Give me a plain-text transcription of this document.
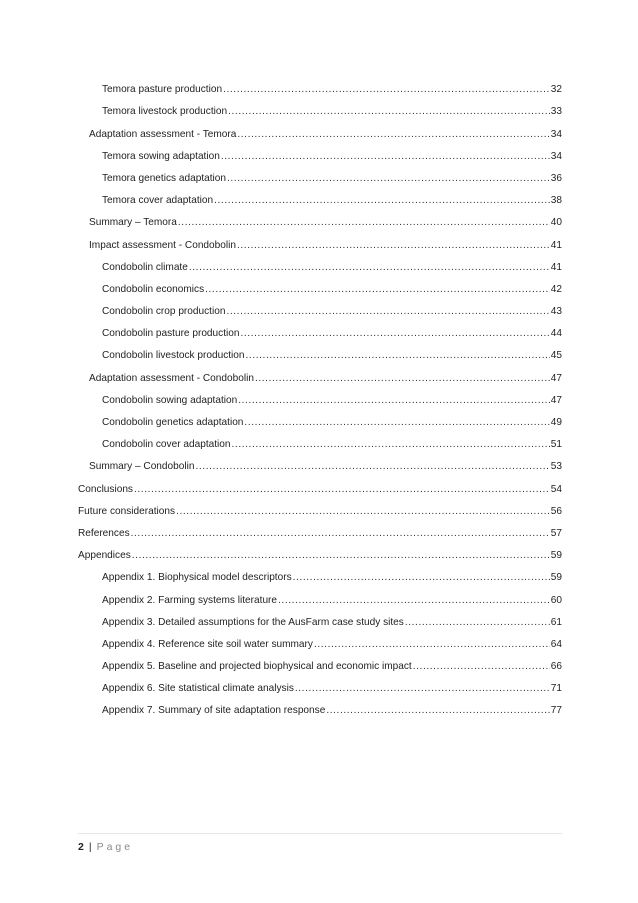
Temora pasture production .....	32
Temora livestock production .....	33
Adaptation assessment - Temora .....	34
Temora sowing adaptation .....	34
Temora genetics adaptation .....	36
Temora cover adaptation .....	38
Summary – Temora .....	40
Impact assessment - Condobolin .....	41
Condobolin climate .....	41
Condobolin economics .....	42
Condobolin crop production .....	43
Condobolin pasture production .....	44
Condobolin livestock production .....	45
Adaptation assessment - Condobolin .....	47
Condobolin sowing adaptation .....	47
Condobolin genetics adaptation .....	49
Condobolin cover adaptation .....	51
Summary – Condobolin .....	53
Conclusions .....	54
Future considerations .....	56
References .....	57
Appendices .....	59
Appendix 1. Biophysical model descriptors .....	59
Appendix 2. Farming systems literature .....	60
Appendix 3. Detailed assumptions for the AusFarm case study sites .....	61
Appendix 4. Reference site soil water summary .....	64
Appendix 5. Baseline and projected biophysical and economic impact .....	66
Appendix 6. Site statistical climate analysis .....	71
Appendix 7. Summary of site adaptation response .....	77
2 | Page
